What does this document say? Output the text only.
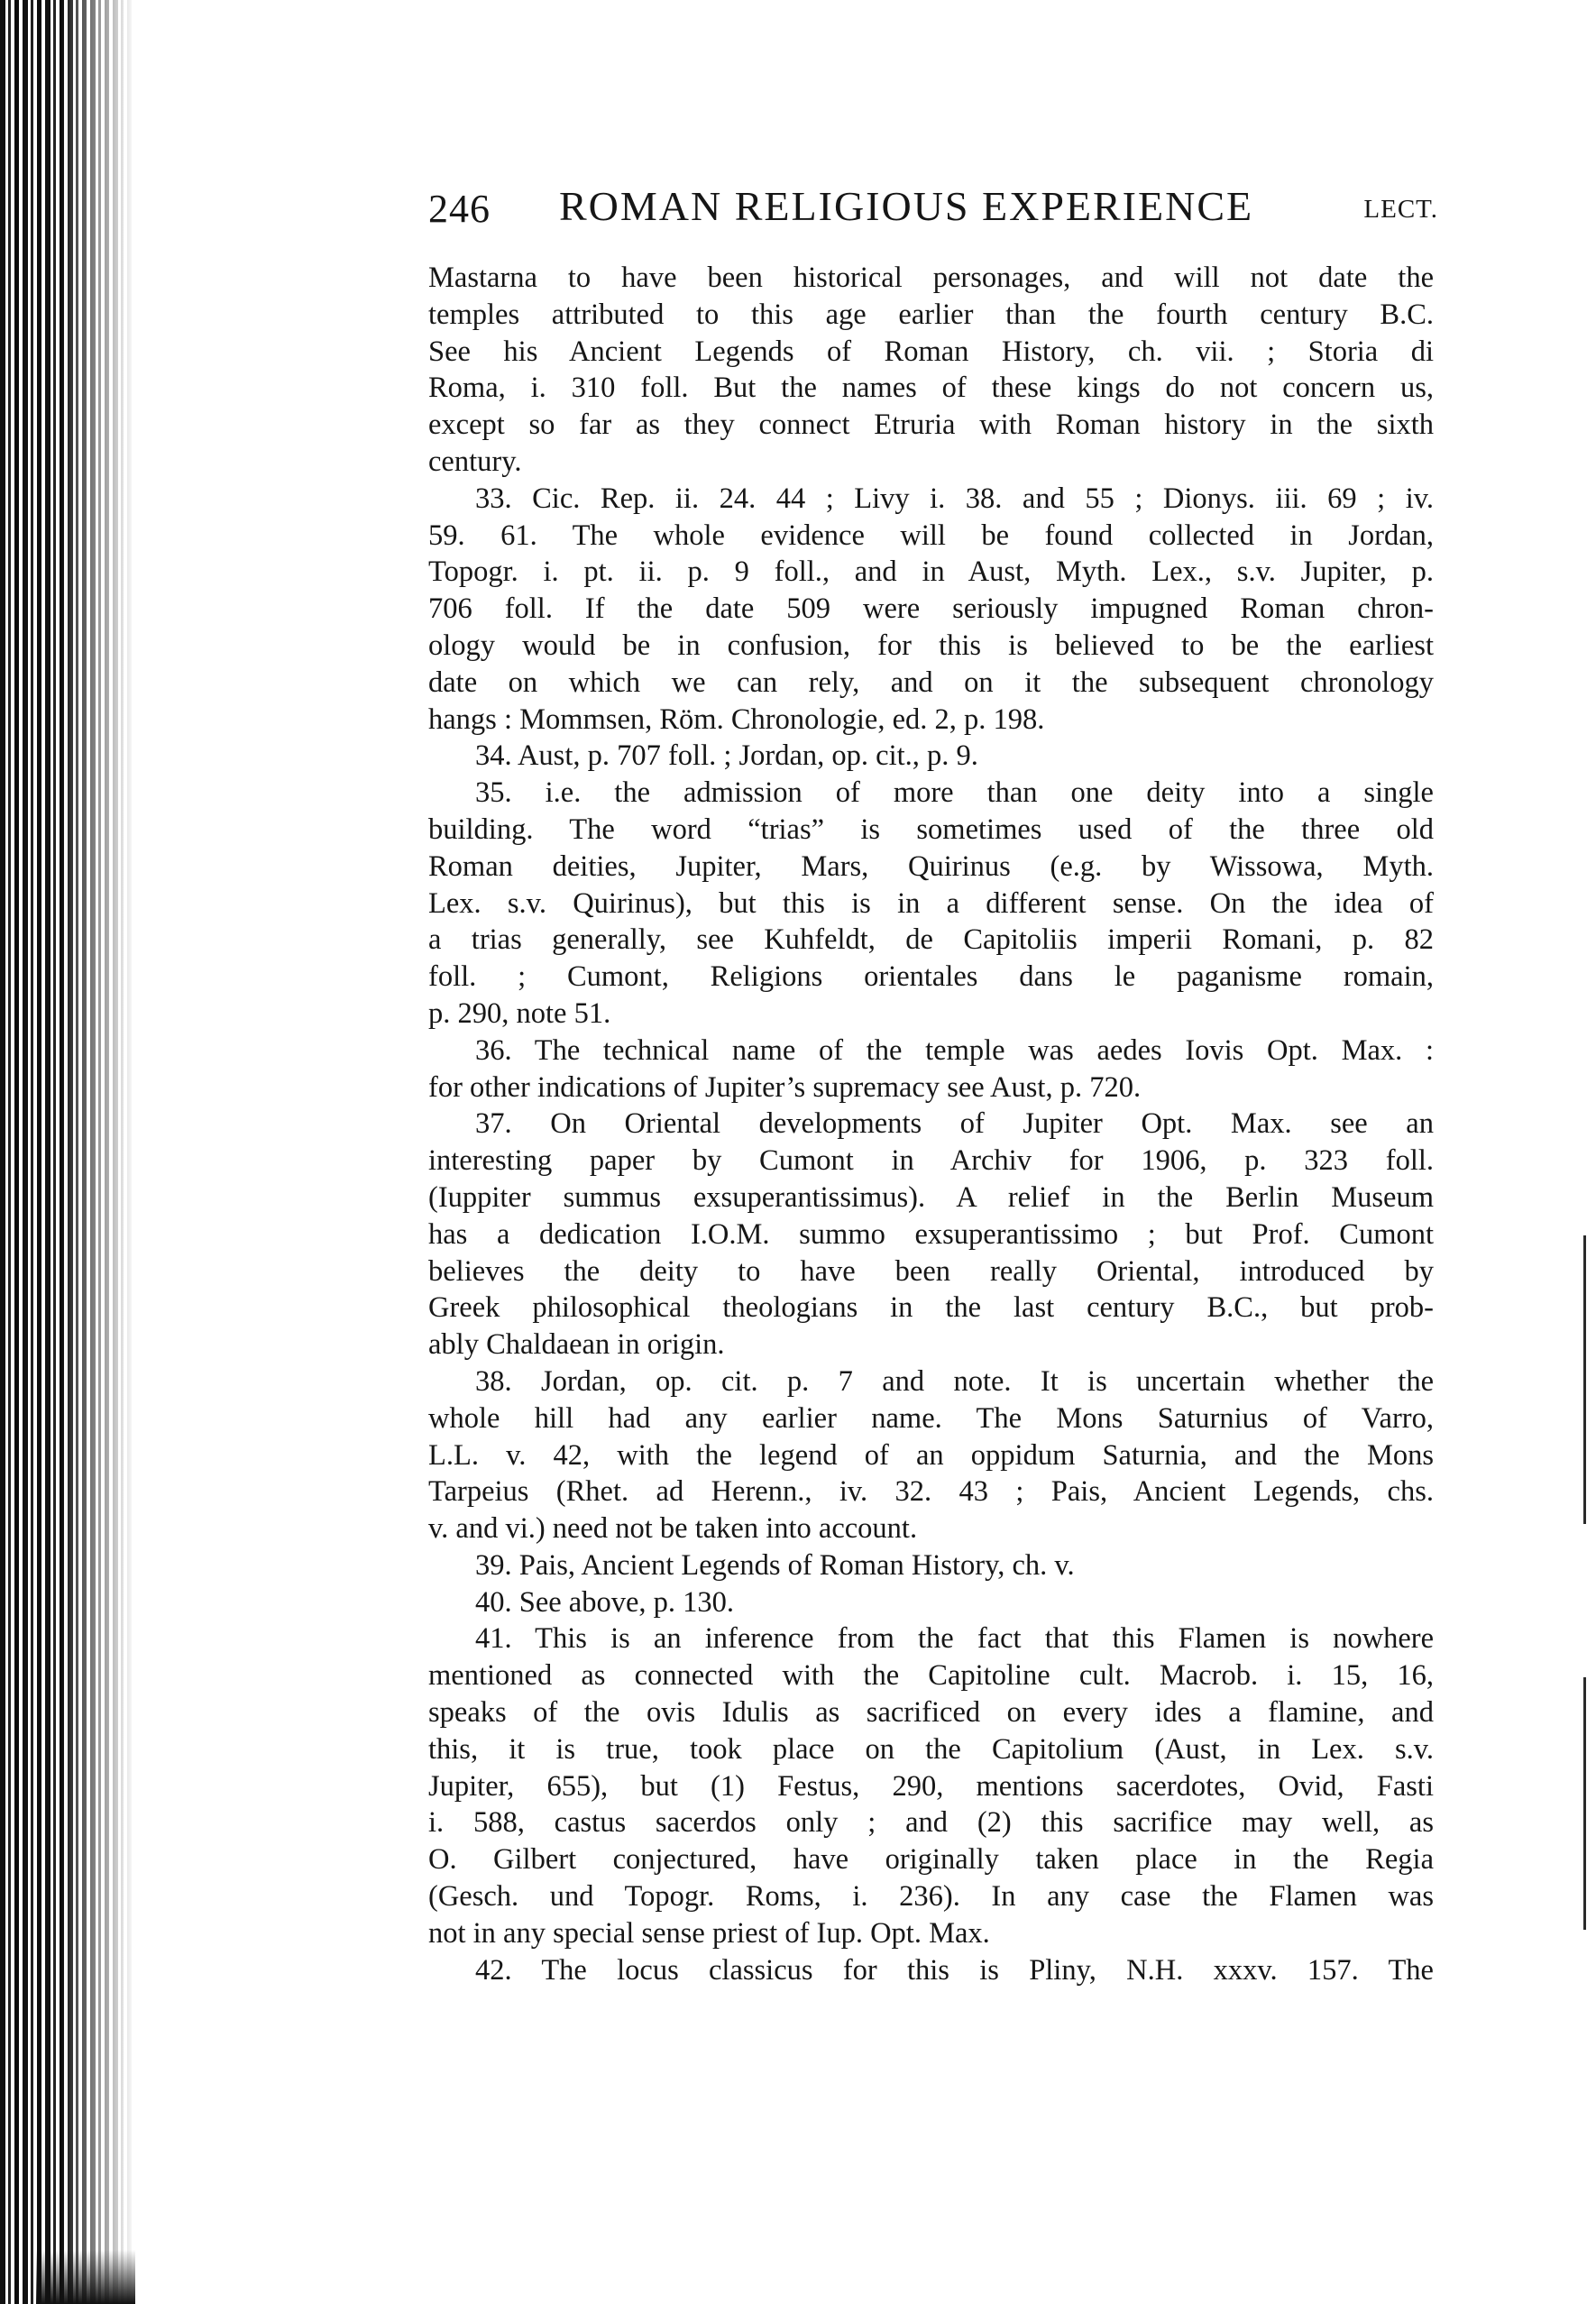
246 ROMAN RELIGIOUS EXPERIENCE	LECT.

Mastarna to have been historical personages, and will not date the

temples attributed to this age earlier than the fourth century B.C.

See his Ancient Legends of Roman History, ch. vii. ; Storia di

Roma, i. 310 foll. But the names of these kings do not concern us,

except so far as they connect Etruria with Roman history in the sixth

century.

33. Cic. Rep. ii. 24. 44 ; Livy i. 38. and 55 ; Dionys. iii. 69 ; iv.

59. 61. The whole evidence will be found collected in Jordan,

Topogr. i. pt. ii. p. 9 foll., and in Aust, Myth. Lex., s.v. Jupiter, p.

706 foll. If the date 509 were seriously impugned Roman chron-

ology would be in confusion, for this is believed to be the earliest

date on which we can rely, and on it the subsequent chronology

hangs : Mommsen, Röm. Chronologie, ed. 2, p. 198.

34. Aust, p. 707 foll. ; Jordan, op. cit., p. 9.

35. i.e. the admission of more than one deity into a single

building. The word “trias” is sometimes used of the three old

Roman deities, Jupiter, Mars, Quirinus (e.g. by Wissowa, Myth.

Lex. s.v. Quirinus), but this is in a different sense. On the idea of

a trias generally, see Kuhfeldt, de Capitoliis imperii Romani, p. 82

foll. ; Cumont, Religions orientales dans le paganisme romain,

p. 290, note 51.

36. The technical name of the temple was aedes Iovis Opt. Max. :

for other indications of Jupiter’s supremacy see Aust, p. 720.

37. On Oriental developments of Jupiter Opt. Max. see an

interesting paper by Cumont in Archiv for 1906, p. 323 foll.

(Iuppiter summus exsuperantissimus). A relief in the Berlin Museum

has a dedication I.O.M. summo exsuperantissimo ; but Prof. Cumont

believes the deity to have been really Oriental, introduced by

Greek philosophical theologians in the last century B.C., but prob-

ably Chaldaean in origin.

38. Jordan, op. cit. p. 7 and note. It is uncertain whether the

whole hill had any earlier name. The Mons Saturnius of Varro,

L.L. v. 42, with the legend of an oppidum Saturnia, and the Mons

Tarpeius (Rhet. ad Herenn., iv. 32. 43 ; Pais, Ancient Legends, chs.

v. and vi.) need not be taken into account.

39. Pais, Ancient Legends of Roman History, ch. v.

40. See above, p. 130.

41. This is an inference from the fact that this Flamen is nowhere

mentioned as connected with the Capitoline cult. Macrob. i. 15, 16,

speaks of the ovis Idulis as sacrificed on every ides a flamine, and

this, it is true, took place on the Capitolium (Aust, in Lex. s.v.

Jupiter, 655), but (1) Festus, 290, mentions sacerdotes, Ovid, Fasti

i. 588, castus sacerdos only ; and (2) this sacrifice may well, as

O. Gilbert conjectured, have originally taken place in the Regia

(Gesch. und Topogr. Roms, i. 236). In any case the Flamen was

not in any special sense priest of Iup. Opt. Max.

42. The locus classicus for this is Pliny, N.H. xxxv. 157. The
